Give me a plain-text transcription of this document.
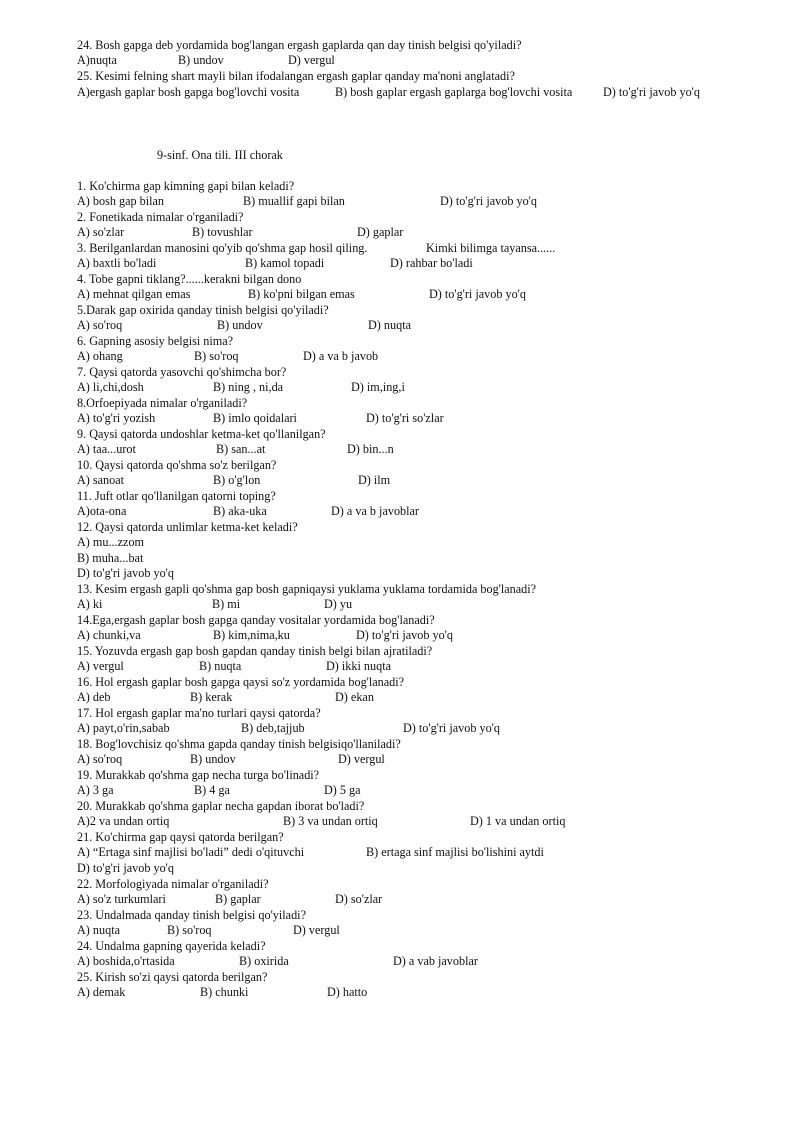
24. Bosh gapga deb yordamida bog'langan ergash gaplarda qan day tinish belgisi qo'yiladi?
A)nuqta	B) undov	D) vergul
25. Kesimi felning shart mayli bilan ifodalangan ergash gaplar qanday ma'noni anglatadi?
A)ergash gaplar bosh gapga bog'lovchi vosita	B) bosh gaplar ergash gaplarga bog'lovchi vosita	D) to'g'ri javob yo'q
9-sinf. Ona tili. III chorak
1. Ko'chirma gap kimning gapi bilan keladi?
A) bosh gap bilan	B) muallif gapi bilan	D) to'g'ri javob yo'q
2. Fonetikada nimalar o'rganiladi?
A) so'zlar	B) tovushlar	D) gaplar
3. Berilganlardan manosini qo'yib qo'shma gap hosil qiling.	Kimki bilimga tayansa......
A) baxtli bo'ladi	B) kamol topadi	D) rahbar bo'ladi
4. Tobe gapni tiklang?......kerakni bilgan dono
A) mehnat qilgan emas	B) ko'pni bilgan emas	D) to'g'ri javob yo'q
5.Darak gap oxirida qanday tinish belgisi qo'yiladi?
A) so'roq	B) undov	D) nuqta
6. Gapning asosiy belgisi nima?
A) ohang	B) so'roq	D) a va b javob
7. Qaysi qatorda yasovchi qo'shimcha bor?
A) li,chi,dosh	B) ning , ni,da	D) im,ing,i
8.Orfoepiyada nimalar o'rganiladi?
A) to'g'ri yozish	B) imlo qoidalari	D) to'g'ri so'zlar
9. Qaysi qatorda undoshlar ketma-ket qo'llanilgan?
A) taa...urot	B) san...at	D) bin...n
10. Qaysi qatorda qo'shma so'z berilgan?
A) sanoat	B) o'g'lon	D) ilm
11. Juft otlar qo'llanilgan qatorni toping?
A)ota-ona	B) aka-uka	D) a va b javoblar
12. Qaysi qatorda unlimlar ketma-ket keladi?
A) mu...zzom
B) muha...bat
D) to'g'ri javob yo'q
13. Kesim ergash gapli qo'shma gap bosh gapniqaysi yuklama yuklama tordamida bog'lanadi?
A) ki	B) mi	D) yu
14.Ega,ergash gaplar bosh gapga qanday vositalar yordamida bog'lanadi?
A) chunki,va	B) kim,nima,ku	D) to'g'ri javob yo'q
15. Yozuvda ergash gap bosh gapdan qanday tinish belgi bilan ajratiladi?
A) vergul	B) nuqta	D) ikki nuqta
16. Hol ergash gaplar bosh gapga qaysi so'z yordamida bog'lanadi?
A) deb	B) kerak	D) ekan
17. Hol ergash gaplar ma'no turlari qaysi qatorda?
A) payt,o'rin,sabab	B) deb,tajjub	D) to'g'ri javob yo'q
18. Bog'lovchisiz qo'shma gapda qanday tinish belgisiqo'llaniladi?
A) so'roq	B) undov	D) vergul
19. Murakkab qo'shma gap necha turga bo'linadi?
A) 3 ga	B) 4 ga	D) 5 ga
20. Murakkab qo'shma gaplar necha gapdan iborat bo'ladi?
A)2 va undan ortiq	B) 3 va undan ortiq	D) 1 va undan ortiq
21. Ko'chirma gap qaysi qatorda berilgan?
A) “Ertaga sinf majlisi bo'ladi” dedi o'qituvchi	B) ertaga sinf majlisi bo'lishini aytdi
D) to'g'ri javob yo'q
22. Morfologiyada nimalar o'rganiladi?
A) so'z turkumlari	B) gaplar	D) so'zlar
23. Undalmada qanday tinish belgisi qo'yiladi?
A) nuqta	B) so'roq	D) vergul
24. Undalma gapning qayerida keladi?
A) boshida,o'rtasida	B) oxirida	D) a vab javoblar
25. Kirish so'zi qaysi qatorda berilgan?
A) demak	B) chunki	D) hatto
